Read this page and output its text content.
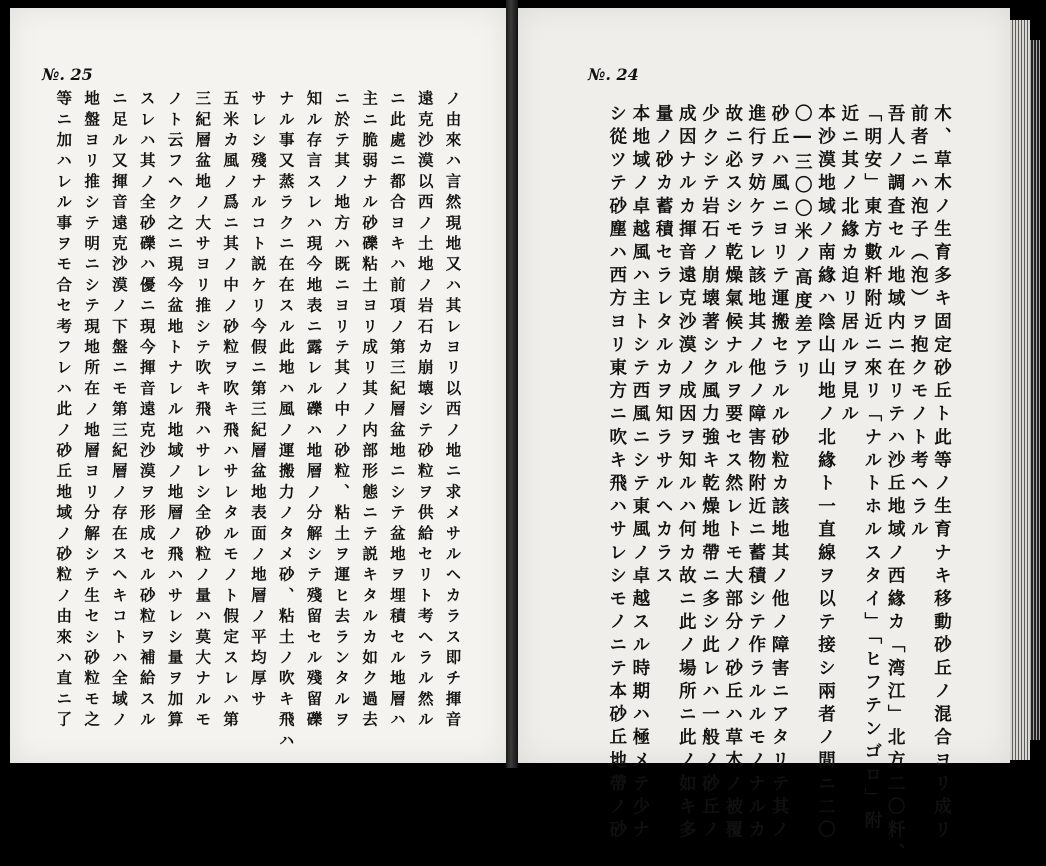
№. 25
ノ由來ハ言然現地又ハ其レヨリ以西ノ地ニ求メサルヘカラス即チ揮音
遠克沙漠以西ノ土地ノ岩石カ崩壊シテ砂粒ヲ供給セリト考ヘラル然ル
ニ此處ニ都合ヨキハ前項ノ第三紀層盆地ニシテ盆地ヲ埋積セル地層ハ
主ニ脆弱ナル砂礫粘土ヨリ成リ其ノ内部形態ニテ説キタルカ如ク過去
ニ於テ其ノ地方ハ既ニヨリテ其ノ中ノ砂粒、粘土ヲ運ヒ去ランタルヲ
知ル存言スレハ現今地表ニ露レル礫ハ地層ノ分解シテ殘留セル殘留礫
ナル事又蒸ラクニ在在スル此地ハ風ノ運搬力ノタメ砂、粘土ノ吹キ飛ハ
サレシ殘ナルコト説ケリ今假ニ第三紀層盆地表面ノ地層ノ平均厚サ
五米カ風ノ爲ニ其ノ中ノ砂粒ヲ吹キ飛ハサレタルモノト假定スレハ第
三紀層盆地ノ大サヨリ推シテ吹キ飛ハサレシ全砂粒ノ量ハ莫大ナルモ
ノト云フヘク之ニ現今盆地トナレル地域ノ地層ノ飛ハサレシ量ヲ加算
スレハ其ノ全砂礫ハ優ニ現今揮音遠克沙漠ヲ形成セル砂粒ヲ補給スル
ニ足ル又揮音遠克沙漠ノ下盤ニモ第三紀層ノ存在スヘキコトハ全域ノ
地盤ヨリ推シテ明ニシテ現地所在ノ地層ヨリ分解シテ生セシ砂粒モ之
等ニ加ハレル事ヲモ合セ考フレハ此ノ砂丘地域ノ砂粒ノ由來ハ直ニ了
№. 24
木、草木ノ生育多キ固定砂丘ト此等ノ生育ナキ移動砂丘ノ混合ヨリ成リ
前者ニハ泡子（泡）ヲ抱クモノト考ヘラル
吾人ノ調査セル地域内ニ在リテハ沙丘地域ノ西緣カ「湾江」北方二〇粁、
「明安」東方數粁附近ニ來リ「ナルトホルスタイ」「ヒフテンゴロ」附
近ニ其ノ北緣カ迫リ居ルヲ見ル
本沙漠地域ノ南緣ハ陰山山地ノ北緣ト一直線ヲ以テ接シ兩者ノ間ニ二〇
〇―三〇〇米ノ高度差アリ
砂丘ハ風ニヨリテ運搬セラルル砂粒カ該地其ノ他ノ障害ニアタリテ其ノ
進行ヲ妨ケラレ該地其ノ他ノ障害物附近ニ蓄積シテ作ラルルモノナルカ
故ニ必スシモ乾燥氣候ナルヲ要セス然レトモ大部分ノ砂丘ハ草木ノ被覆
少クシテ岩石ノ崩壊著シク風力強キ乾燥地帶ニ多シ此レハ一般ノ砂丘ノ
成因ナルカ揮音遠克沙漠ノ成因ヲ知ルハ何カ故ニ此ノ場所ニ此ノ如キ多
量ノ砂カ蓄積セラレタルカヲ知ラサルヘカラス
本地域ノ卓越風ハ主トシテ西風ニシテ東風ノ卓越スル時期ハ極メテ少ナ
シ從ツテ砂塵ハ西方ヨリ東方ニ吹キ飛ハサレシモノニテ本砂丘地帶ノ砂
